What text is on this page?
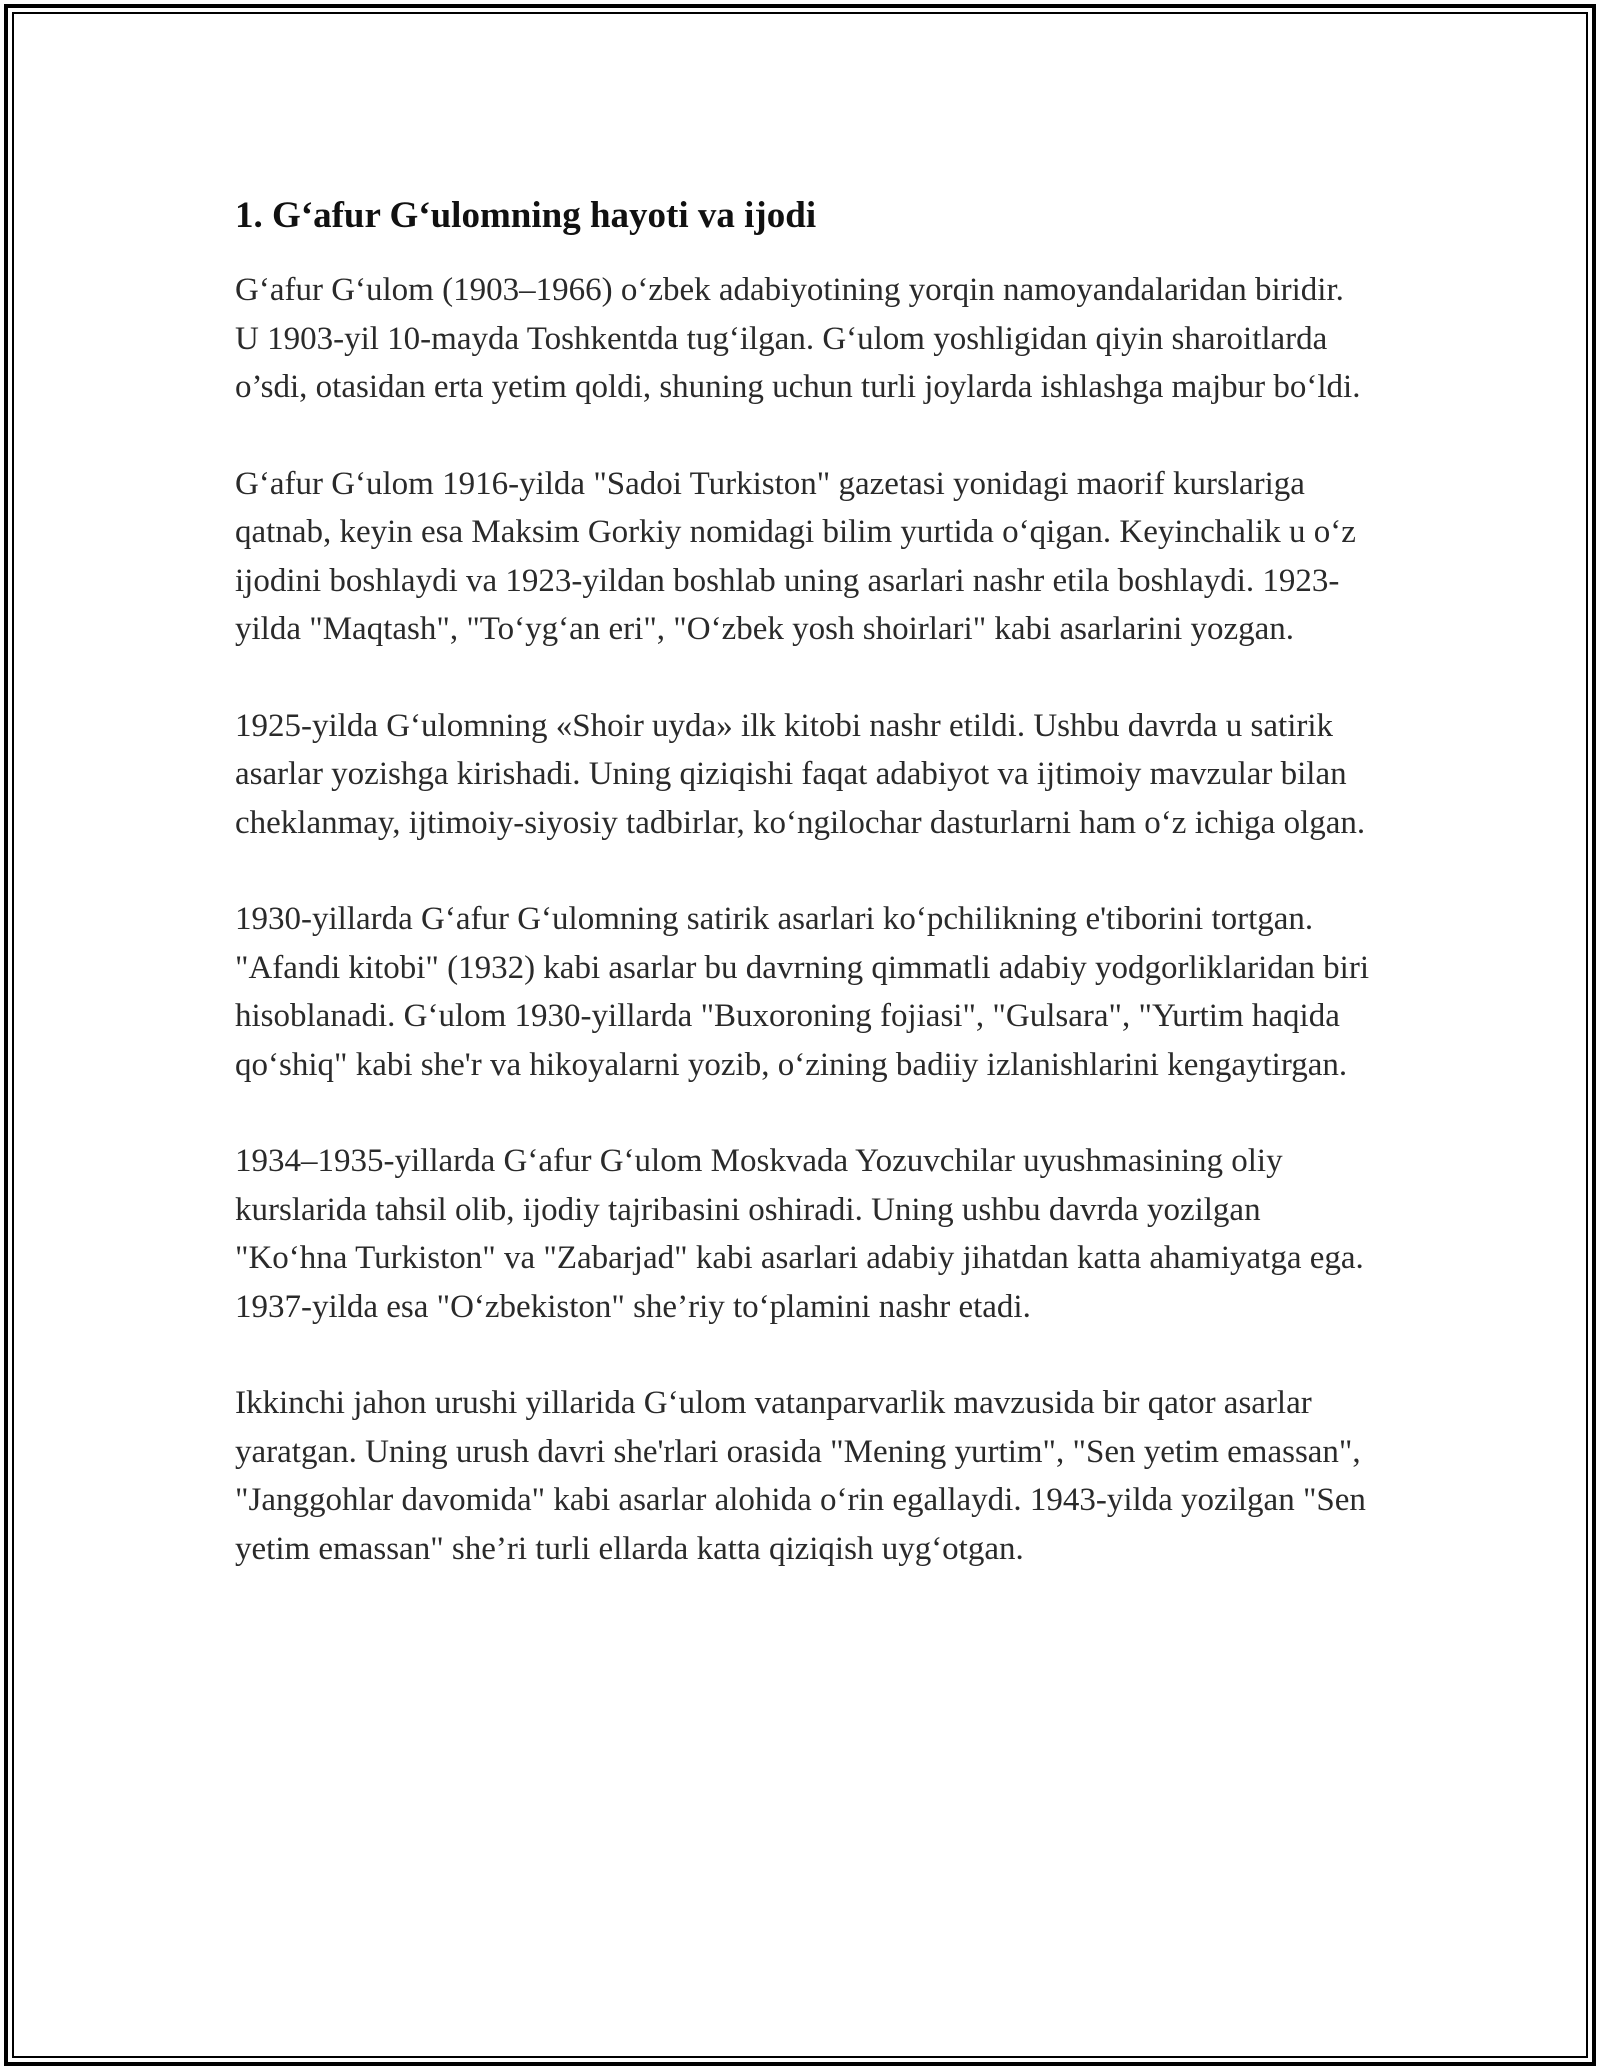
1. G‘afur G‘ulomning hayoti va ijodi

G‘afur G‘ulom (1903–1966) o‘zbek adabiyotining yorqin namoyandalaridan biridir. U 1903-yil 10-mayda Toshkentda tug‘ilgan. G‘ulom yoshligidan qiyin sharoitlarda o’sdi, otasidan erta yetim qoldi, shuning uchun turli joylarda ishlashga majbur bo‘ldi.

G‘afur G‘ulom 1916-yilda "Sadoi Turkiston" gazetasi yonidagi maorif kurslariga qatnab, keyin esa Maksim Gorkiy nomidagi bilim yurtida o‘qigan. Keyinchalik u o‘z ijodini boshlaydi va 1923-yildan boshlab uning asarlari nashr etila boshlaydi. 1923-yilda "Maqtash", "To‘yg‘an eri", "O‘zbek yosh shoirlari" kabi asarlarini yozgan.

1925-yilda G‘ulomning «Shoir uyda» ilk kitobi nashr etildi. Ushbu davrda u satirik asarlar yozishga kirishadi. Uning qiziqishi faqat adabiyot va ijtimoiy mavzular bilan cheklanmay, ijtimoiy-siyosiy tadbirlar, ko‘ngilochar dasturlarni ham o‘z ichiga olgan.

1930-yillarda G‘afur G‘ulomning satirik asarlari ko‘pchilikning e'tiborini tortgan. "Afandi kitobi" (1932) kabi asarlar bu davrning qimmatli adabiy yodgorliklaridan biri hisoblanadi. G‘ulom 1930-yillarda "Buxoroning fojiasi", "Gulsara", "Yurtim haqida qo‘shiq" kabi she'r va hikoyalarni yozib, o‘zining badiiy izlanishlarini kengaytirgan.

1934–1935-yillarda G‘afur G‘ulom Moskvada Yozuvchilar uyushmasining oliy kurslarida tahsil olib, ijodiy tajribasini oshiradi. Uning ushbu davrda yozilgan "Ko‘hna Turkiston" va "Zabarjad" kabi asarlari adabiy jihatdan katta ahamiyatga ega. 1937-yilda esa "O‘zbekiston" she’riy to‘plamini nashr etadi.

Ikkinchi jahon urushi yillarida G‘ulom vatanparvarlik mavzusida bir qator asarlar yaratgan. Uning urush davri she'rlari orasida "Mening yurtim", "Sen yetim emassan", "Janggohlar davomida" kabi asarlar alohida o‘rin egallaydi. 1943-yilda yozilgan "Sen yetim emassan" she’ri turli ellarda katta qiziqish uyg‘otgan.
